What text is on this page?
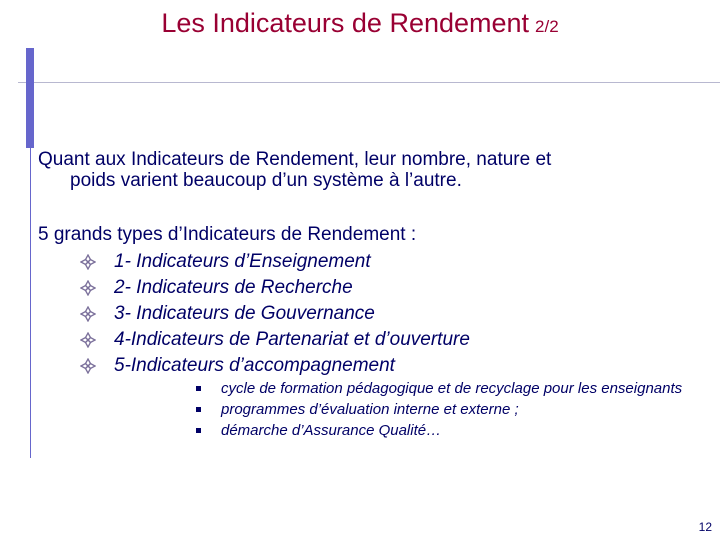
Les Indicateurs de Rendement 2/2
Quant aux Indicateurs de Rendement, leur nombre, nature et
poids varient beaucoup d’un système à l’autre.
5 grands types d’Indicateurs de Rendement :
1- Indicateurs d’Enseignement
2- Indicateurs de Recherche
3- Indicateurs de Gouvernance
4-Indicateurs de Partenariat et d’ouverture
5-Indicateurs d’accompagnement
cycle de formation pédagogique et de recyclage pour les enseignants
programmes d’évaluation interne et externe ;
démarche d’Assurance Qualité…
12
